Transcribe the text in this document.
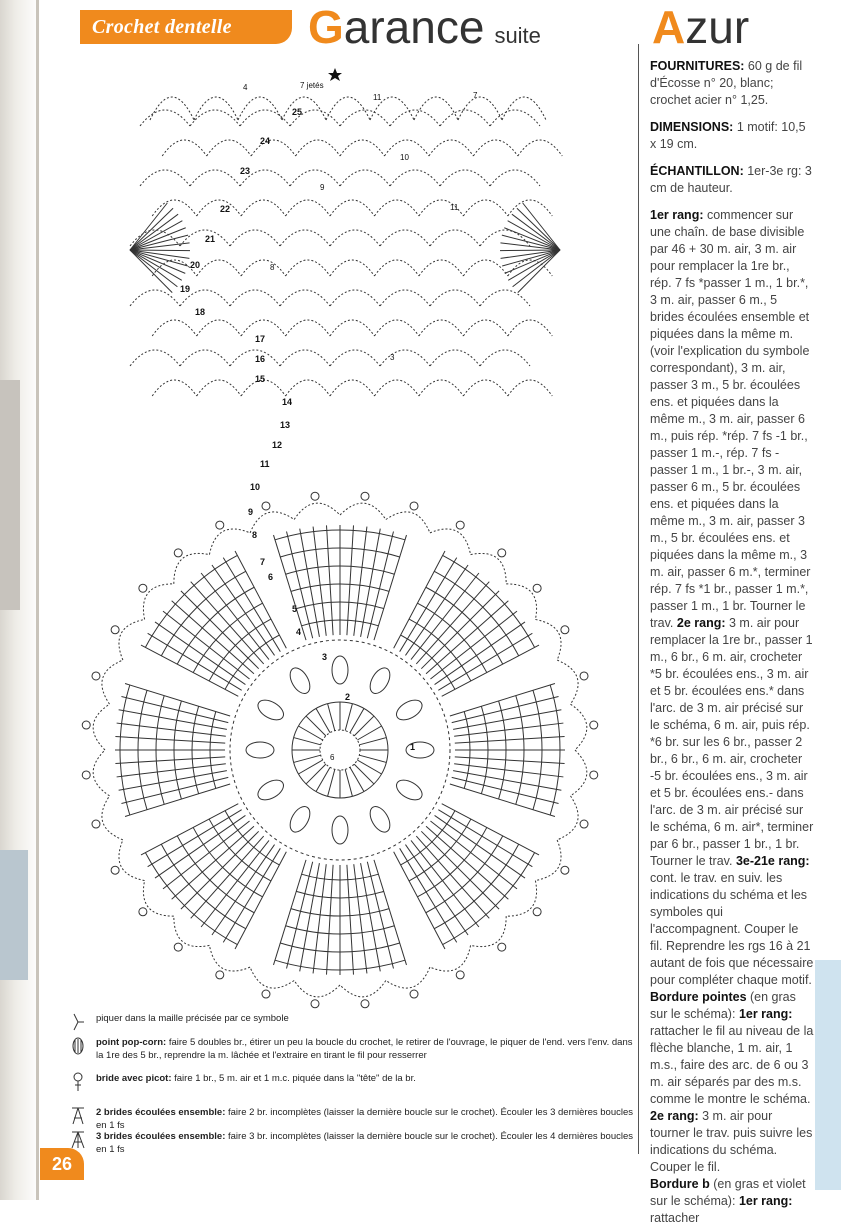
Crochet dentelle Garance suite Azur
1
2
3
4
5
6
7
8
9
10
11
12
13
14
15
16
17
18
19
20
21
22
23
24
25
7 jetés
4
11	7
8
9
10
11
3
6

FOURNITURES: 60 g de fil d'Écosse n° 20, blanc; crochet acier n° 1,25.

DIMENSIONS: 1 motif: 10,5 x 19 cm.

ÉCHANTILLON: 1er-3e rg: 3 cm de hauteur.

1er rang: commencer sur une chaîn. de base divisible par 46 + 30 m. air, 3 m. air pour remplacer la 1re br., rép. 7 fs *passer 1 m., 1 br.*, 3 m. air, passer 6 m., 5 brides écoulées ensemble et piquées dans la même m. (voir l'explication du symbole correspondant), 3 m. air, passer 3 m., 5 br. écoulées ens. et piquées dans la même m., 3 m. air, passer 6 m., puis rép. *rép. 7 fs -1 br., passer 1 m.-, rép. 7 fs -passer 1 m., 1 br.-, 3 m. air, passer 6 m., 5 br. écoulées ens. et piquées dans la même m., 3 m. air, passer 3 m., 5 br. écoulées ens. et piquées dans la même m., 3 m. air, passer 6 m.*, terminer rép. 7 fs *1 br., passer 1 m.*, passer 1 m., 1 br. Tourner le trav. 2e rang: 3 m. air pour remplacer la 1re br., passer 1 m., 6 br., 6 m. air, crocheter *5 br. écoulées ens., 3 m. air et 5 br. écoulées ens.* dans l'arc. de 3 m. air précisé sur le schéma, 6 m. air, puis rép. *6 br. sur les 6 br., passer 2 br., 6 br., 6 m. air, crocheter -5 br. écoulées ens., 3 m. air et 5 br. écoulées ens.- dans l'arc. de 3 m. air précisé sur le schéma, 6 m. air*, terminer par 6 br., passer 1 br., 1 br. Tourner le trav. 3e-21e rang: cont. le trav. en suiv. les indications du schéma et les symboles qui l'accompagnent. Couper le fil. Reprendre les rgs 16 à 21 autant de fois que nécessaire pour compléter chaque motif.
Bordure pointes (en gras sur le schéma): 1er rang: rattacher le fil au niveau de la flèche blanche, 1 m. air, 1 m.s., faire des arc. de 6 ou 3 m. air séparés par des m.s. comme le montre le schéma.
2e rang: 3 m. air pour tourner le trav. puis suivre les indications du schéma. Couper le fil.
Bordure b (en gras et violet sur le schéma): 1er rang: rattacher

piquer dans la maille précisée par ce symbole
point pop-corn: faire 5 doubles br., étirer un peu la boucle du crochet, le retirer de l'ouvrage, le piquer de l'end. vers l'env. dans la 1re des 5 br., reprendre la m. lâchée et l'extraire en tirant le fil pour resserrer
bride avec picot: faire 1 br., 5 m. air et 1 m.c. piquée dans la "tête" de la br.
2 brides écoulées ensemble: faire 2 br. incomplètes (laisser la dernière boucle sur le crochet). Écouler les 3 dernières boucles en 1 fs
3 brides écoulées ensemble: faire 3 br. incomplètes (laisser la dernière boucle sur le crochet). Écouler les 4 dernières boucles en 1 fs
26
